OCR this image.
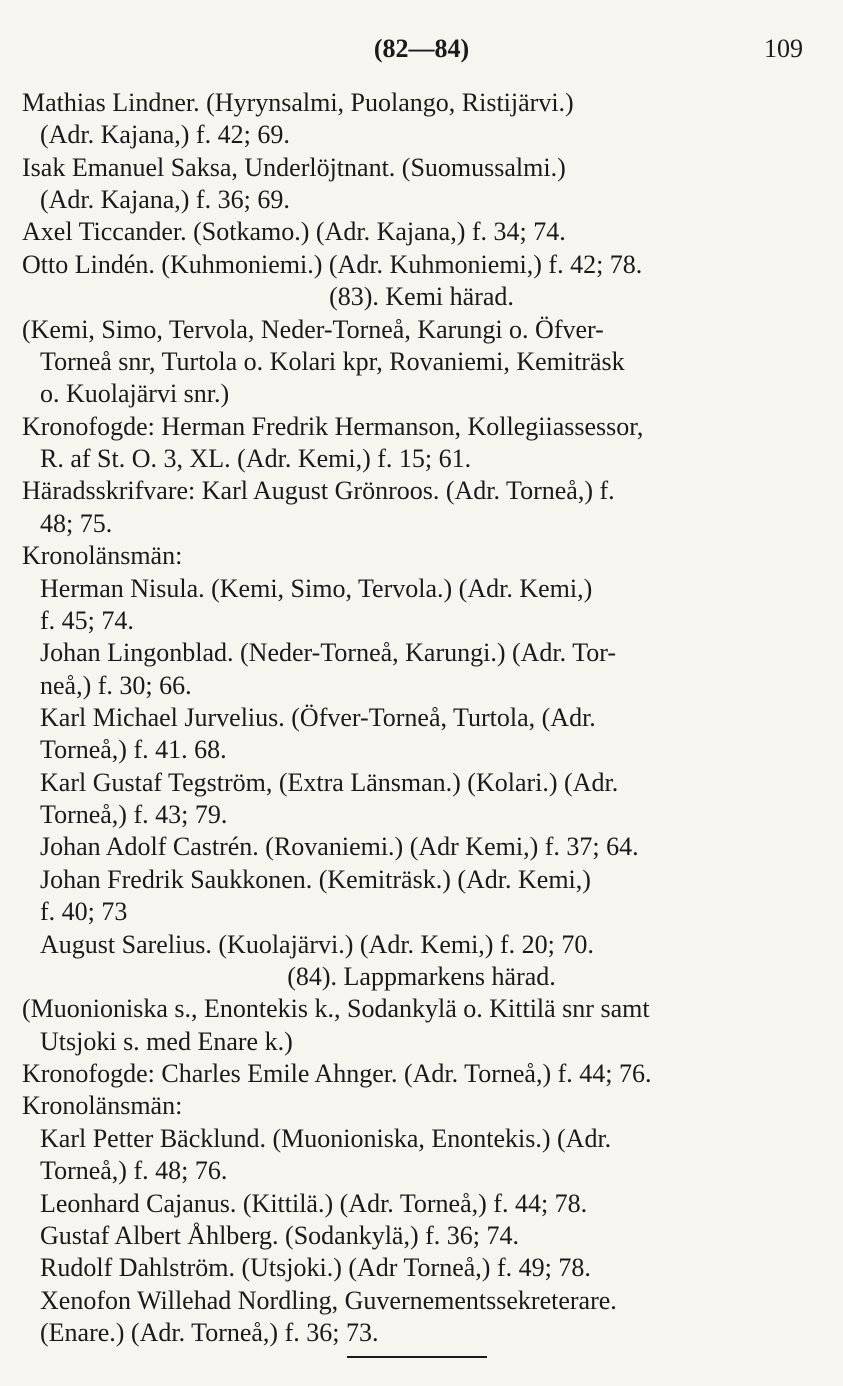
(82—84)	109
Mathias Lindner. (Hyrynsalmi, Puolango, Ristijärvi.)
(Adr. Kajana,) f. 42; 69.
Isak Emanuel Saksa, Underlöjtnant. (Suomussalmi.)
(Adr. Kajana,) f. 36; 69.
Axel Ticcander. (Sotkamo.) (Adr. Kajana,) f. 34; 74.
Otto Lindén. (Kuhmoniemi.) (Adr. Kuhmoniemi,) f. 42; 78.
(83). Kemi härad.
(Kemi, Simo, Tervola, Neder-Torneå, Karungi o. Öfver-
Torneå snr, Turtola o. Kolari kpr, Rovaniemi, Kemiträsk
o. Kuolajärvi snr.)
Kronofogde: Herman Fredrik Hermanson, Kollegiiassessor,
R. af St. O. 3, XL. (Adr. Kemi,) f. 15; 61.
Häradsskrifvare: Karl August Grönroos. (Adr. Torneå,) f.
48; 75.
Kronolänsmän:
Herman Nisula. (Kemi, Simo, Tervola.) (Adr. Kemi,)
f. 45; 74.
Johan Lingonblad. (Neder-Torneå, Karungi.) (Adr. Tor-
neå,) f. 30; 66.
Karl Michael Jurvelius. (Öfver-Torneå, Turtola, (Adr.
Torneå,) f. 41. 68.
Karl Gustaf Tegström, (Extra Länsman.) (Kolari.) (Adr.
Torneå,) f. 43; 79.
Johan Adolf Castrén. (Rovaniemi.) (Adr Kemi,) f. 37; 64.
Johan Fredrik Saukkonen. (Kemiträsk.) (Adr. Kemi,)
f. 40; 73
August Sarelius. (Kuolajärvi.) (Adr. Kemi,) f. 20; 70.
(84). Lappmarkens härad.
(Muonioniska s., Enontekis k., Sodankylä o. Kittilä snr samt
Utsjoki s. med Enare k.)
Kronofogde: Charles Emile Ahnger. (Adr. Torneå,) f. 44; 76.
Kronolänsmän:
Karl Petter Bäcklund. (Muonioniska, Enontekis.) (Adr.
Torneå,) f. 48; 76.
Leonhard Cajanus. (Kittilä.) (Adr. Torneå,) f. 44; 78.
Gustaf Albert Åhlberg. (Sodankylä,) f. 36; 74.
Rudolf Dahlström. (Utsjoki.) (Adr Torneå,) f. 49; 78.
Xenofon Willehad Nordling, Guvernementssekreterare.
(Enare.) (Adr. Torneå,) f. 36; 73.
